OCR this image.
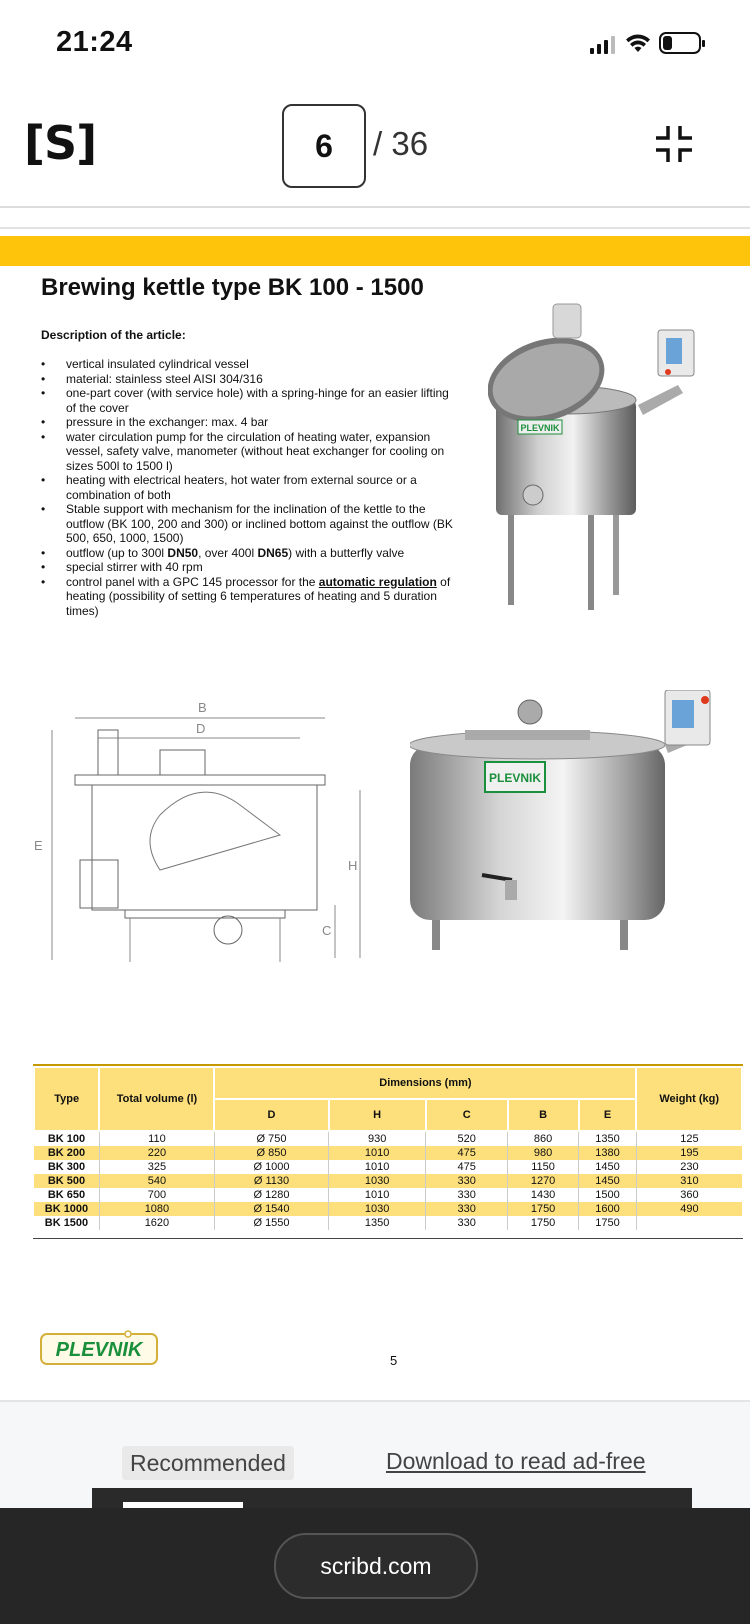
21:24
[S]	6	/ 36
Brewing kettle type BK 100 - 1500
Description of the article:
• vertical insulated cylindrical vessel
• material: stainless steel AISI 304/316
• one-part cover (with service hole) with a spring-hinge for an easier lifting of the cover
• pressure in the exchanger: max. 4 bar
• water circulation pump for the circulation of heating water, expansion vessel, safety valve, manometer (without heat exchanger for cooling on sizes 500l to 1500 l)
• heating with electrical heaters, hot water from external source or a combination of both
• Stable support with mechanism for the inclination of the kettle to the outflow (BK 100, 200 and 300) or inclined bottom against the outflow (BK 500, 650, 1000, 1500)
• outflow (up to 300l DN50, over 400l DN65) with a butterfly valve
• special stirrer with 40 rpm
• control panel with a GPC 145 processor for the automatic regulation of heating (possibility of setting 6 temperatures of heating and 5 duration times)
PLEVNIK
B
D
E
H
C
PLEVNIK
Type	Total volume (l)	Dimensions (mm)					Weight (kg)
		D	H	C	B	E	
BK 100	110	Ø 750	930	520	860	1350	125
BK 200	220	Ø 850	1010	475	980	1380	195
BK 300	325	Ø 1000	1010	475	1150	1450	230
BK 500	540	Ø 1130	1030	330	1270	1450	310
BK 650	700	Ø 1280	1010	330	1430	1500	360
BK 1000	1080	Ø 1540	1030	330	1750	1600	490
BK 1500	1620	Ø 1550	1350	330	1750	1750	
PLEVNIK	5
Recommended	Download to read ad-free
scribd.com
